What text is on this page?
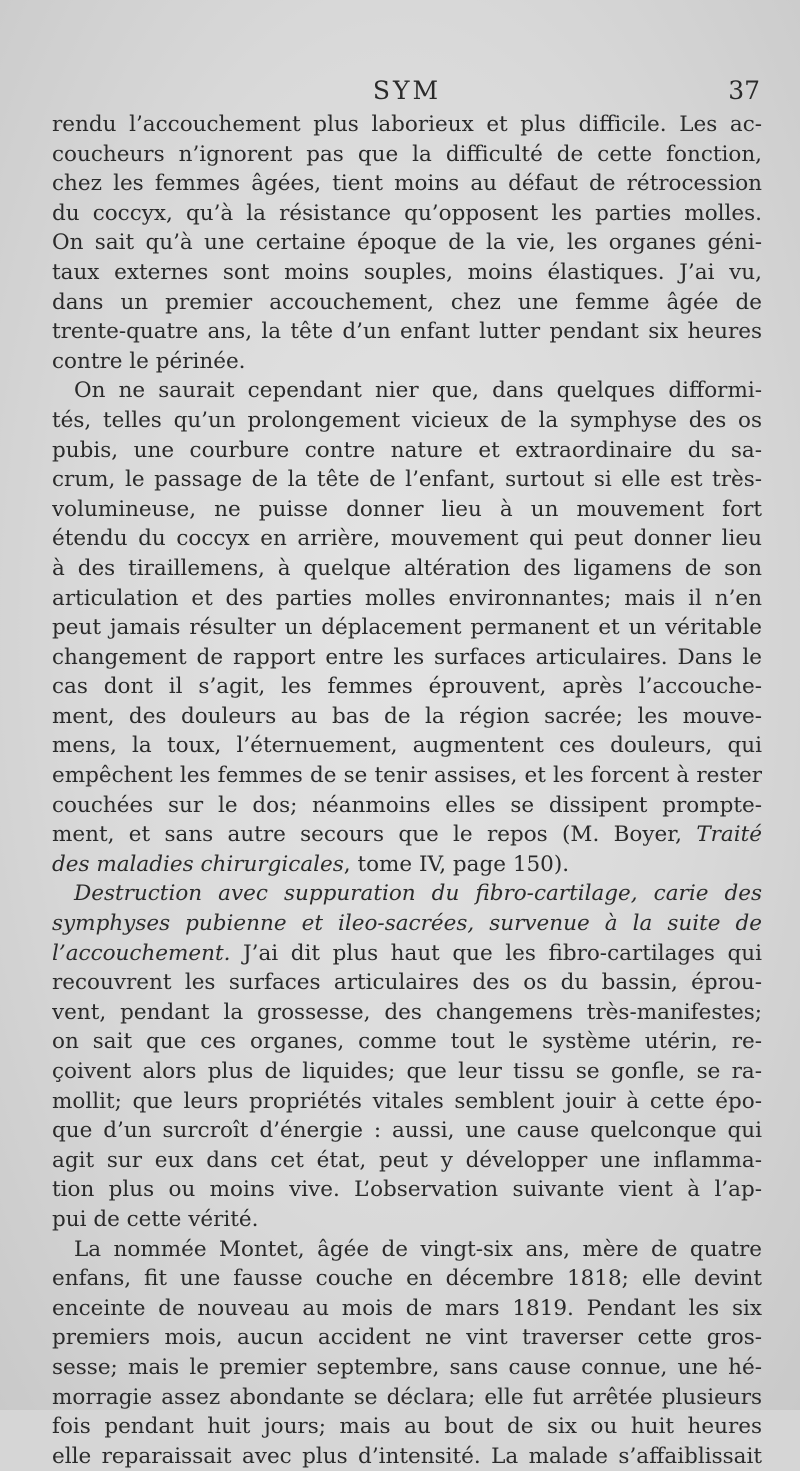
SYM	37
rendu l’accouchement plus laborieux et plus difficile. Les ac-
coucheurs n’ignorent pas que la difficulté de cette fonction,
chez les femmes âgées, tient moins au défaut de rétrocession
du coccyx, qu’à la résistance qu’opposent les parties molles.
On sait qu’à une certaine époque de la vie, les organes géni-
taux externes sont moins souples, moins élastiques. J’ai vu,
dans un premier accouchement, chez une femme âgée de
trente-quatre ans, la tête d’un enfant lutter pendant six heures
contre le périnée.
On ne saurait cependant nier que, dans quelques difformi-
tés, telles qu’un prolongement vicieux de la symphyse des os
pubis, une courbure contre nature et extraordinaire du sa-
crum, le passage de la tête de l’enfant, surtout si elle est très-
volumineuse, ne puisse donner lieu à un mouvement fort
étendu du coccyx en arrière, mouvement qui peut donner lieu
à des tiraillemens, à quelque altération des ligamens de son
articulation et des parties molles environnantes; mais il n’en
peut jamais résulter un déplacement permanent et un véritable
changement de rapport entre les surfaces articulaires. Dans le
cas dont il s’agit, les femmes éprouvent, après l’accouche-
ment, des douleurs au bas de la région sacrée; les mouve-
mens, la toux, l’éternuement, augmentent ces douleurs, qui
empêchent les femmes de se tenir assises, et les forcent à rester
couchées sur le dos; néanmoins elles se dissipent prompte-
ment, et sans autre secours que le repos (M. Boyer, Traité
des maladies chirurgicales, tome IV, page 150).
Destruction avec suppuration du fibro-cartilage, carie des
symphyses pubienne et ileo-sacrées, survenue à la suite de
l’accouchement. J’ai dit plus haut que les fibro-cartilages qui
recouvrent les surfaces articulaires des os du bassin, éprou-
vent, pendant la grossesse, des changemens très-manifestes;
on sait que ces organes, comme tout le système utérin, re-
çoivent alors plus de liquides; que leur tissu se gonfle, se ra-
mollit; que leurs propriétés vitales semblent jouir à cette épo-
que d’un surcroît d’énergie : aussi, une cause quelconque qui
agit sur eux dans cet état, peut y développer une inflamma-
tion plus ou moins vive. L’observation suivante vient à l’ap-
pui de cette vérité.
La nommée Montet, âgée de vingt-six ans, mère de quatre
enfans, fit une fausse couche en décembre 1818; elle devint
enceinte de nouveau au mois de mars 1819. Pendant les six
premiers mois, aucun accident ne vint traverser cette gros-
sesse; mais le premier septembre, sans cause connue, une hé-
morragie assez abondante se déclara; elle fut arrêtée plusieurs
fois pendant huit jours; mais au bout de six ou huit heures
elle reparaissait avec plus d’intensité. La malade s’affaiblissait
